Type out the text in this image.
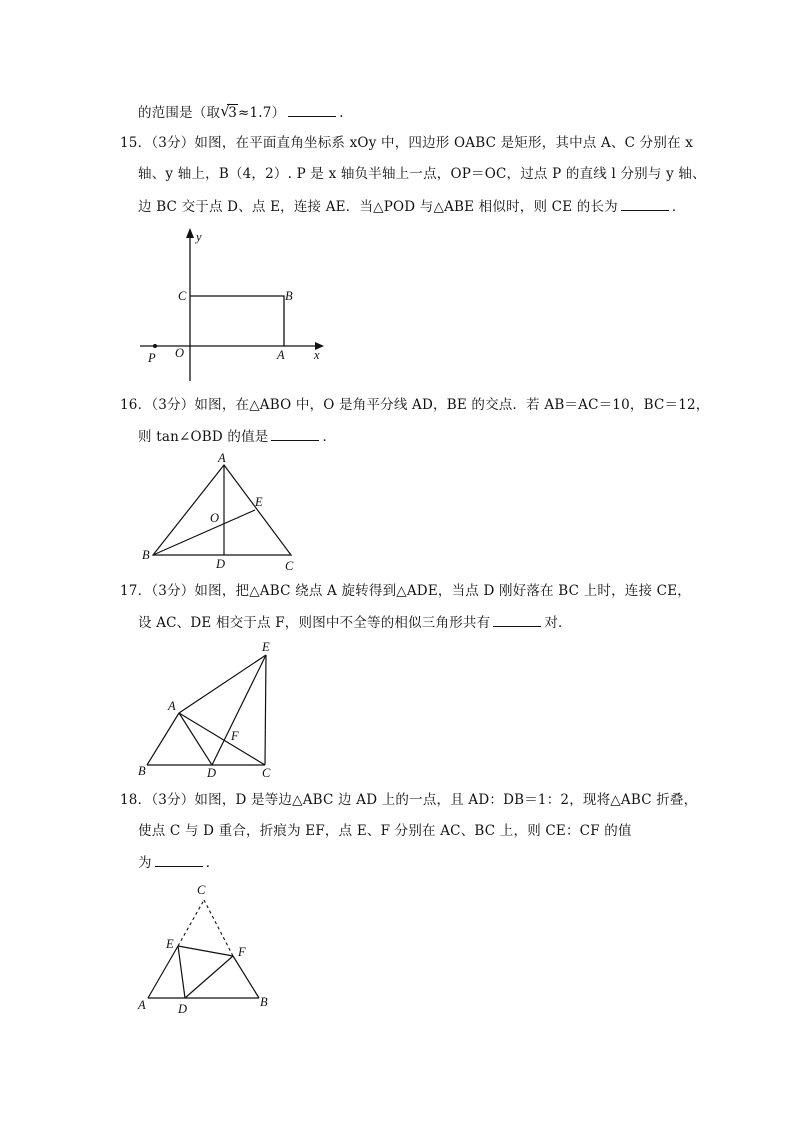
的范围是（取 √
3≈1.7）	.
15．（3分）如图，在平面直角坐标系 xOy 中，四边形 OABC 是矩形，其中点 A、C 分别在 x
轴、y 轴上，B（4，2）. P 是 x 轴负半轴上一点，OP＝OC，过点 P 的直线 l 分别与 y 轴、
边 BC 交于点 D、点 E，连接 AE．当△POD 与△ABE 相似时，则 CE 的长为	．
y
C	B
P O	A x
16．（3分）如图，在△ABO 中，O 是角平分线 AD，BE 的交点．若 AB＝AC＝10，BC＝12，
则 tan∠OBD 的值是	．
A
E
O
B
D	C
17．（3分）如图，把△ABC 绕点 A 旋转得到△ADE，当点 D 刚好落在 BC 上时，连接 CE，
设 AC、DE 相交于点 F，则图中不全等的相似三角形共有	对．
E
A
F
B	D	C
18．（3分）如图，D 是等边△ABC 边 AD 上的一点，且 AD：DB＝1：2，现将△ABC 折叠，
使点 C 与 D 重合，折痕为 EF，点 E、F 分别在 AC、BC 上，则 CE：CF 的值
为	．
C
E
F
A	D	B
